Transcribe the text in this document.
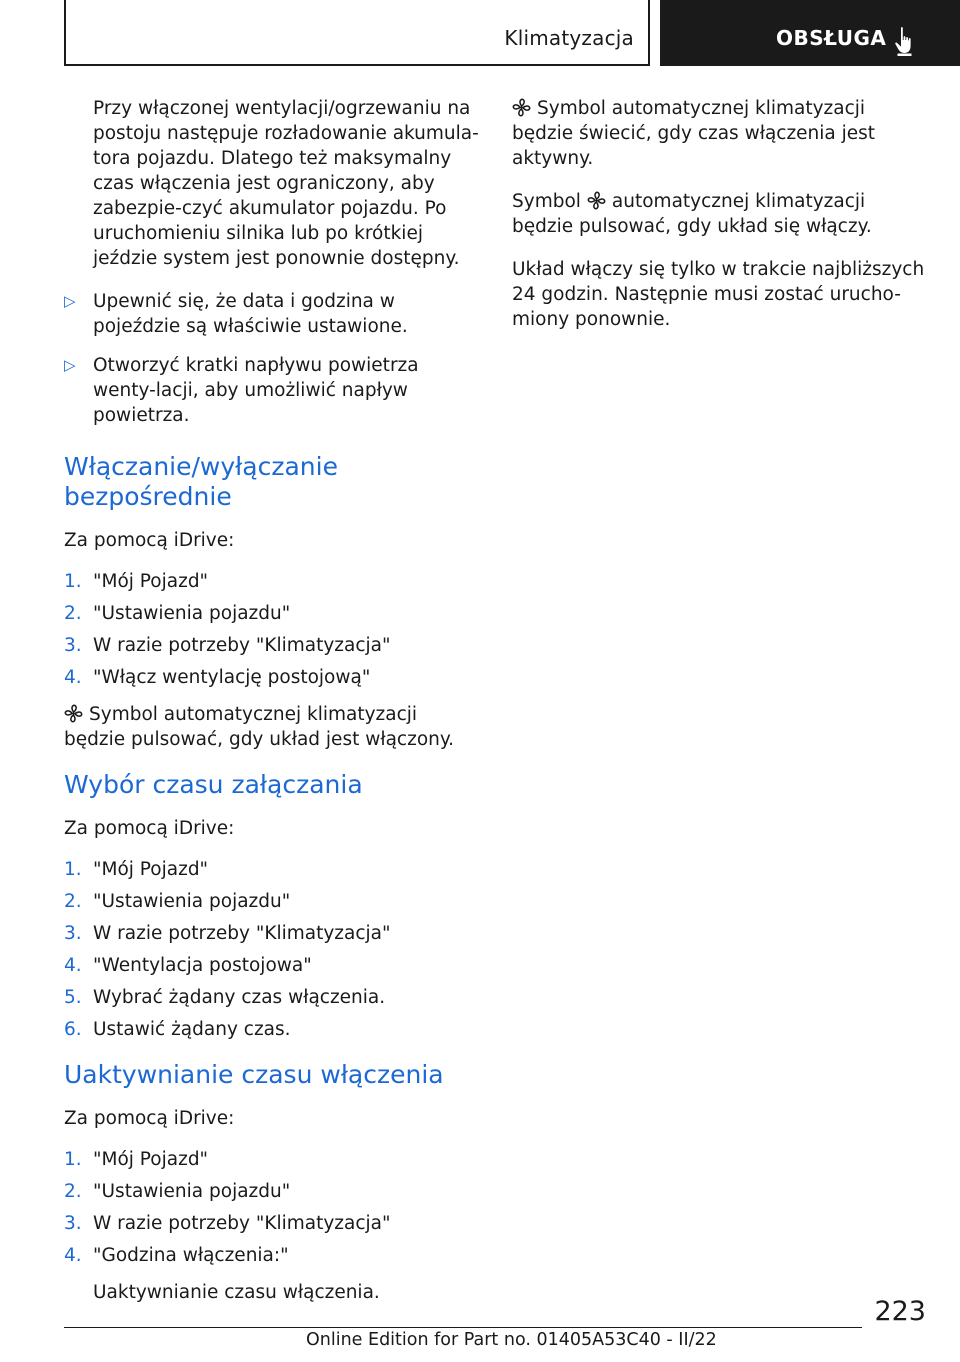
Klimatyzacja	OBSŁUGA

Przy włączonej wentylacji/ogrzewaniu na postoju następuje rozładowanie akumula-tora pojazdu. Dlatego też maksymalny czas włączenia jest ograniczony, aby zabezpie-czyć akumulator pojazdu. Po uruchomieniu silnika lub po krótkiej jeździe system jest ponownie dostępny.

▷ Upewnić się, że data i godzina w pojeździe są właściwie ustawione.
▷ Otworzyć kratki napływu powietrza wenty-lacji, aby umożliwić napływ powietrza.
Włączanie/wyłączanie bezpośrednie

Za pomocą iDrive:

1. "Mój Pojazd"
2. "Ustawienia pojazdu"
3. W razie potrzeby "Klimatyzacja"
4. "Włącz wentylację postojową"

Symbol automatycznej klimatyzacji będzie pulsować, gdy układ jest włączony.

Wybór czasu załączania

Za pomocą iDrive:

1. "Mój Pojazd"
2. "Ustawienia pojazdu"
3. W razie potrzeby "Klimatyzacja"
4. "Wentylacja postojowa"
5. Wybrać żądany czas włączenia.
6. Ustawić żądany czas.
Uaktywnianie czasu włączenia

Za pomocą iDrive:

1. "Mój Pojazd"
2. "Ustawienia pojazdu"
3. W razie potrzeby "Klimatyzacja"
4. "Godzina włączenia:"

Uaktywnianie czasu włączenia.

Symbol automatycznej klimatyzacji będzie świecić, gdy czas włączenia jest aktywny.

Symbol automatycznej klimatyzacji będzie pulsować, gdy układ się włączy.

Układ włączy się tylko w trakcie najbliższych 24 godzin. Następnie musi zostać urucho-miony ponownie.

223
Online Edition for Part no. 01405A53C40 - II/22
